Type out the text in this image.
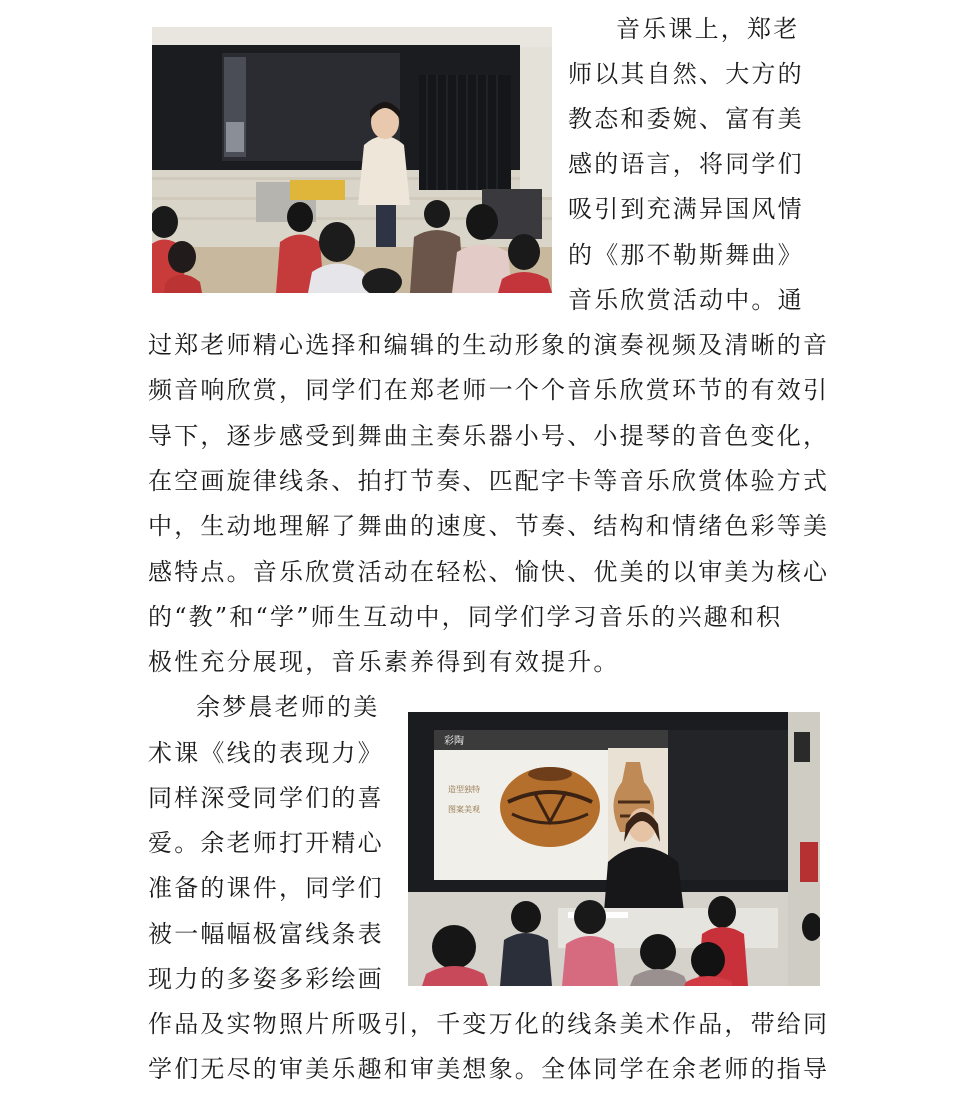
音乐课上，郑老
师以其自然、大方的
教态和委婉、富有美
感的语言，将同学们
吸引到充满异国风情
的《那不勒斯舞曲》
音乐欣赏活动中。通
过郑老师精心选择和编辑的生动形象的演奏视频及清晰的音
频音响欣赏，同学们在郑老师一个个音乐欣赏环节的有效引
导下，逐步感受到舞曲主奏乐器小号、小提琴的音色变化，
在空画旋律线条、拍打节奏、匹配字卡等音乐欣赏体验方式
中，生动地理解了舞曲的速度、节奏、结构和情绪色彩等美
感特点。音乐欣赏活动在轻松、愉快、优美的以审美为核心
的“教”和“学”师生互动中，同学们学习音乐的兴趣和积
极性充分展现，音乐素养得到有效提升。
余梦晨老师的美
术课《线的表现力》
同样深受同学们的喜
爱。余老师打开精心
准备的课件，同学们
被一幅幅极富线条表
现力的多姿多彩绘画
作品及实物照片所吸引，千变万化的线条美术作品，带给同
学们无尽的审美乐趣和审美想象。全体同学在余老师的指导
彩陶
造型独特
图案美观
